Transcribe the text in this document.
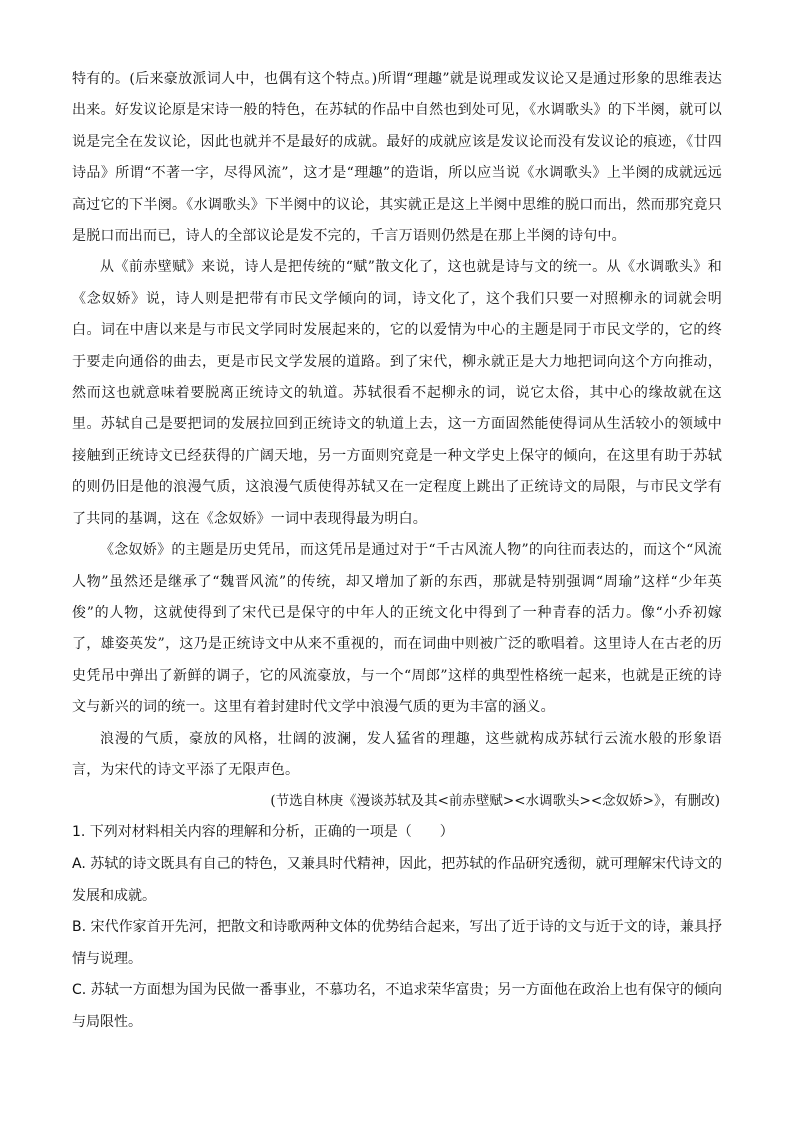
特有的。(后来豪放派词人中，也偶有这个特点。)所谓“理趣”就是说理或发议论又是通过形象的思维表达出来。好发议论原是宋诗一般的特色，在苏轼的作品中自然也到处可见，《水调歌头》的下半阕，就可以说是完全在发议论，因此也就并不是最好的成就。最好的成就应该是发议论而没有发议论的痕迹，《廿四诗品》所谓“不著一字，尽得风流”，这才是“理趣”的造诣，所以应当说《水调歌头》上半阕的成就远远高过它的下半阕。《水调歌头》下半阕中的议论，其实就正是这上半阕中思维的脱口而出，然而那究竟只是脱口而出而已，诗人的全部议论是发不完的，千言万语则仍然是在那上半阕的诗句中。

从《前赤壁赋》来说，诗人是把传统的“赋”散文化了，这也就是诗与文的统一。从《水调歌头》和《念奴娇》说，诗人则是把带有市民文学倾向的词，诗文化了，这个我们只要一对照柳永的词就会明白。词在中唐以来是与市民文学同时发展起来的，它的以爱情为中心的主题是同于市民文学的，它的终于要走向通俗的曲去，更是市民文学发展的道路。到了宋代，柳永就正是大力地把词向这个方向推动，然而这也就意味着要脱离正统诗文的轨道。苏轼很看不起柳永的词，说它太俗，其中心的缘故就在这里。苏轼自己是要把词的发展拉回到正统诗文的轨道上去，这一方面固然能使得词从生活较小的领域中接触到正统诗文已经获得的广阔天地，另一方面则究竟是一种文学史上保守的倾向，在这里有助于苏轼的则仍旧是他的浪漫气质，这浪漫气质使得苏轼又在一定程度上跳出了正统诗文的局限，与市民文学有了共同的基调，这在《念奴娇》一词中表现得最为明白。

《念奴娇》的主题是历史凭吊，而这凭吊是通过对于“千古风流人物”的向往而表达的，而这个“风流人物”虽然还是继承了“魏晋风流”的传统，却又增加了新的东西，那就是特别强调“周瑜”这样“少年英俊”的人物，这就使得到了宋代已是保守的中年人的正统文化中得到了一种青春的活力。像“小乔初嫁了，雄姿英发”，这乃是正统诗文中从来不重视的，而在词曲中则被广泛的歌唱着。这里诗人在古老的历史凭吊中弹出了新鲜的调子，它的风流豪放，与一个“周郎”这样的典型性格统一起来，也就是正统的诗文与新兴的词的统一。这里有着封建时代文学中浪漫气质的更为丰富的涵义。

浪漫的气质，豪放的风格，壮阔的波澜，发人猛省的理趣，这些就构成苏轼行云流水般的形象语言，为宋代的诗文平添了无限声色。

(节选自林庚《漫谈苏轼及其<前赤壁赋><水调歌头><念奴娇>》，有删改)

1. 下列对材料相关内容的理解和分析，正确的一项是（　　）

A. 苏轼的诗文既具有自己的特色，又兼具时代精神，因此，把苏轼的作品研究透彻，就可理解宋代诗文的发展和成就。

B. 宋代作家首开先河，把散文和诗歌两种文体的优势结合起来，写出了近于诗的文与近于文的诗，兼具抒情与说理。

C. 苏轼一方面想为国为民做一番事业，不慕功名，不追求荣华富贵；另一方面他在政治上也有保守的倾向与局限性。
